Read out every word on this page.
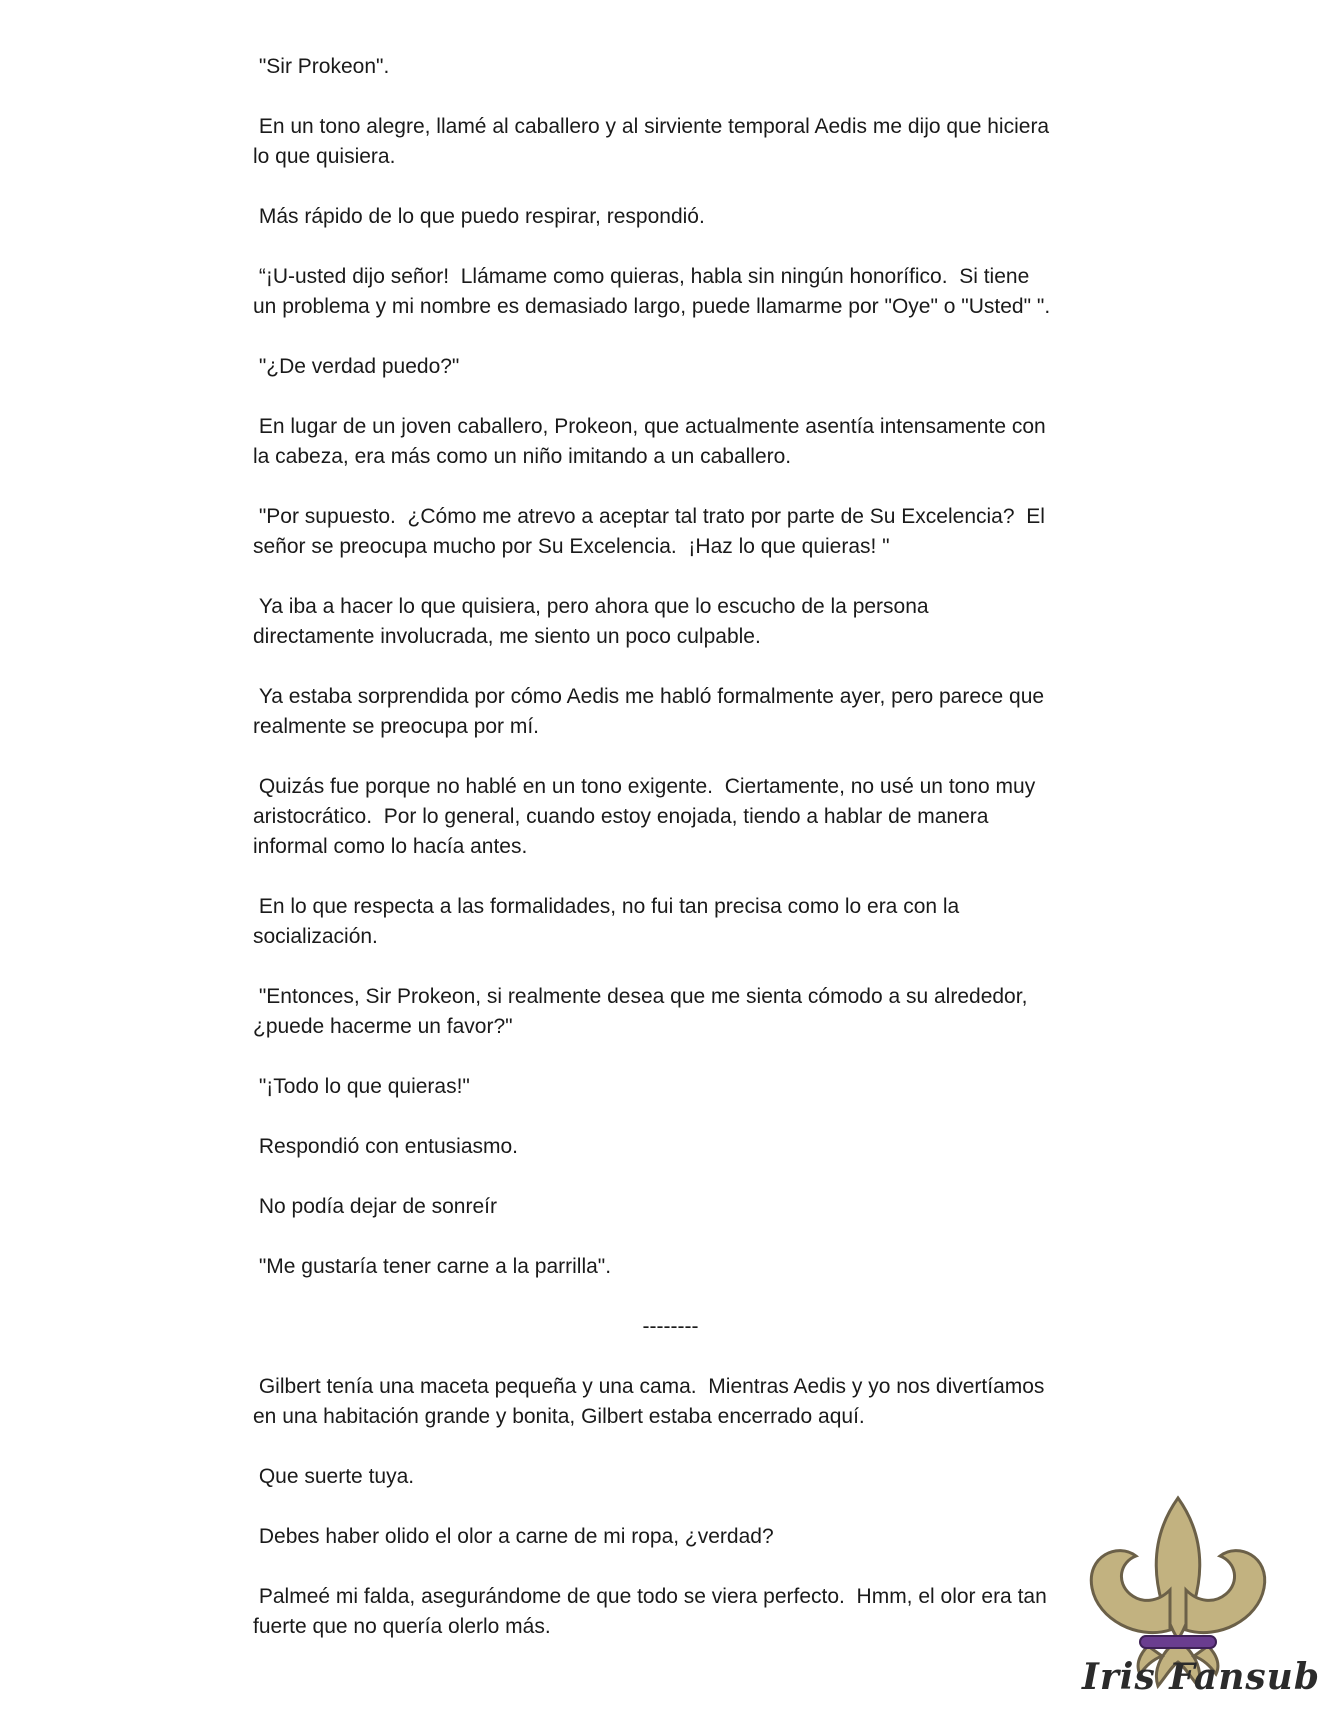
"Sir Prokeon".

En un tono alegre, llamé al caballero y al sirviente temporal Aedis me dijo que hiciera lo que quisiera.

Más rápido de lo que puedo respirar, respondió.

“¡U-usted dijo señor!  Llámame como quieras, habla sin ningún honorífico.  Si tiene un problema y mi nombre es demasiado largo, puede llamarme por "Oye" o "Usted" ".

"¿De verdad puedo?"

En lugar de un joven caballero, Prokeon, que actualmente asentía intensamente con la cabeza, era más como un niño imitando a un caballero.

"Por supuesto.  ¿Cómo me atrevo a aceptar tal trato por parte de Su Excelencia?  El señor se preocupa mucho por Su Excelencia.  ¡Haz lo que quieras! "

Ya iba a hacer lo que quisiera, pero ahora que lo escucho de la persona directamente involucrada, me siento un poco culpable.

Ya estaba sorprendida por cómo Aedis me habló formalmente ayer, pero parece que realmente se preocupa por mí.

Quizás fue porque no hablé en un tono exigente.  Ciertamente, no usé un tono muy aristocrático.  Por lo general, cuando estoy enojada, tiendo a hablar de manera informal como lo hacía antes.

En lo que respecta a las formalidades, no fui tan precisa como lo era con la socialización.

"Entonces, Sir Prokeon, si realmente desea que me sienta cómodo a su alrededor, ¿puede hacerme un favor?"

"¡Todo lo que quieras!"

Respondió con entusiasmo.

No podía dejar de sonreír

"Me gustaría tener carne a la parrilla".

--------

Gilbert tenía una maceta pequeña y una cama.  Mientras Aedis y yo nos divertíamos en una habitación grande y bonita, Gilbert estaba encerrado aquí.

Que suerte tuya.

Debes haber olido el olor a carne de mi ropa, ¿verdad?

Palmeé mi falda, asegurándome de que todo se viera perfecto.  Hmm, el olor era tan fuerte que no quería olerlo más.

Iris Fansub
